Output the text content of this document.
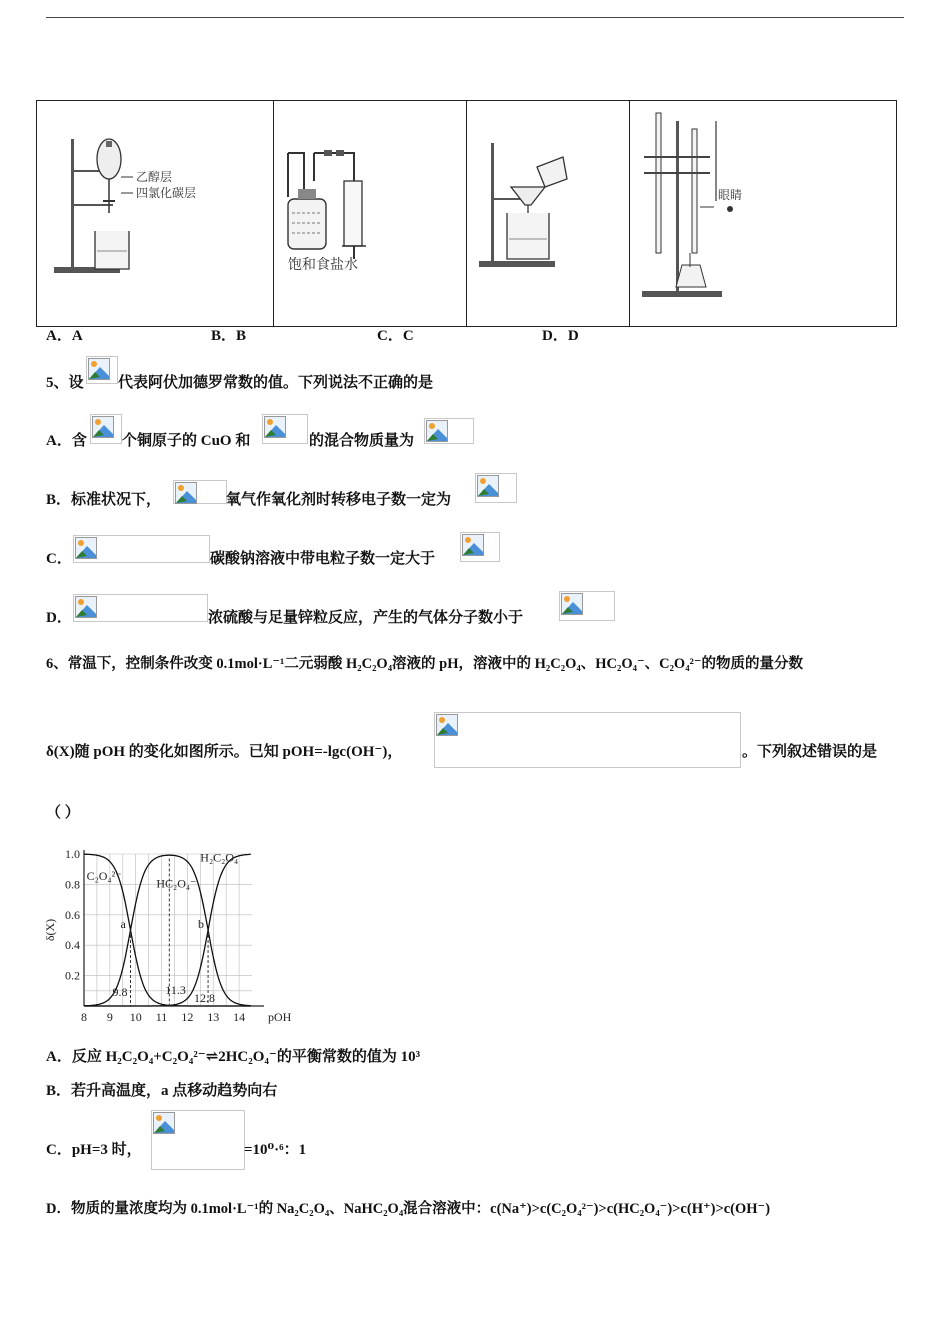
乙醇层
四氯化碳层

饱和食盐水

眼睛
A．A	B．B	C．C	D．D
5、设 代表阿伏加德罗常数的值。下列说法不正确的是
A．含 个铜原子的 CuO 和	的混合物质量为
B．标准状况下，	氧气作氧化剂时转移电子数一定为
C．	碳酸钠溶液中带电粒子数一定大于
D．	浓硫酸与足量锌粒反应，产生的气体分子数小于
6、常温下，控制条件改变 0.1mol·L⁻¹二元弱酸 H₂C₂O₄溶液的 pH，溶液中的 H₂C₂O₄、HC₂O₄⁻、C₂O₄²⁻的物质的量分数
δ(X)随 pOH 的变化如图所示。已知 pOH=-lgc(OH⁻)，	。下列叙述错误的是
（ ）
8 9 10 11 12 13 14
0.2
0.4
0.6
0.8
1.0
pOH
δ(X)
C₂O₄²⁻
HC₂O₄⁻
H₂C₂O₄
a	b
9.8	11.3
12.8
A．反应 H₂C₂O₄+C₂O₄²⁻⇌2HC₂O₄⁻的平衡常数的值为 10³
B．若升高温度，a 点移动趋势向右
C．pH=3 时，	=10⁰·⁶：1
D．物质的量浓度均为 0.1mol·L⁻¹的 Na₂C₂O₄、NaHC₂O₄混合溶液中：c(Na⁺)>c(C₂O₄²⁻)>c(HC₂O₄⁻)>c(H⁺)>c(OH⁻)
